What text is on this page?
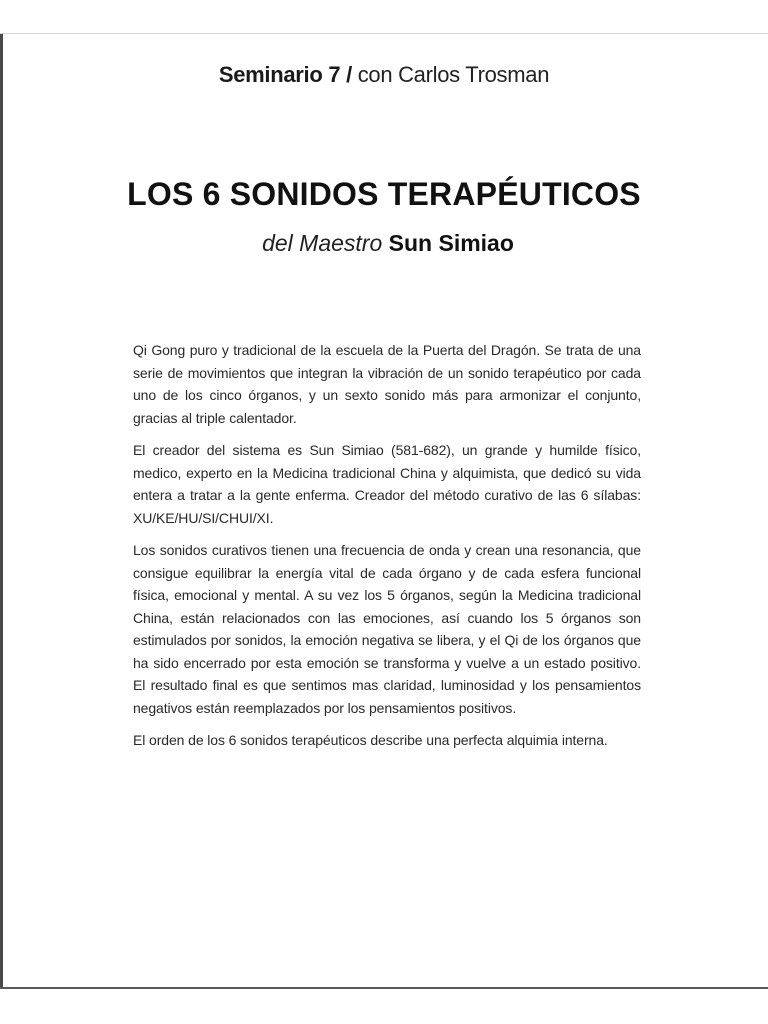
Seminario 7 / con Carlos Trosman
LOS 6 SONIDOS TERAPÉUTICOS
del Maestro Sun Simiao

Qi Gong puro y tradicional de la escuela de la Puerta del Dragón. Se trata de una serie de movimientos que integran la vibración de un sonido terapéutico por cada uno de los cinco órganos, y un sexto sonido más para armonizar el conjunto, gracias al triple calentador.

El creador del sistema es Sun Simiao (581-682), un grande y humilde físico, medico, experto en la Medicina tradicional China y alquimista, que dedicó su vida entera a tratar a la gente enferma. Creador del método curativo de las 6 sílabas: XU/KE/HU/SI/CHUI/XI.

Los sonidos curativos tienen una frecuencia de onda y crean una resonancia, que consigue equilibrar la energía vital de cada órgano y de cada esfera funcional física, emocional y mental. A su vez los 5 órganos, según la Medicina tradicional China, están relacionados con las emociones, así cuando los 5 órganos son estimulados por sonidos, la emoción negativa se libera, y el Qi de los órganos que ha sido encerrado por esta emoción se transforma y vuelve a un estado positivo. El resultado final es que sentimos mas claridad, luminosidad y los pensamientos negativos están reemplazados por los pensamientos positivos.

El orden de los 6 sonidos terapéuticos describe una perfecta alquimia interna.
